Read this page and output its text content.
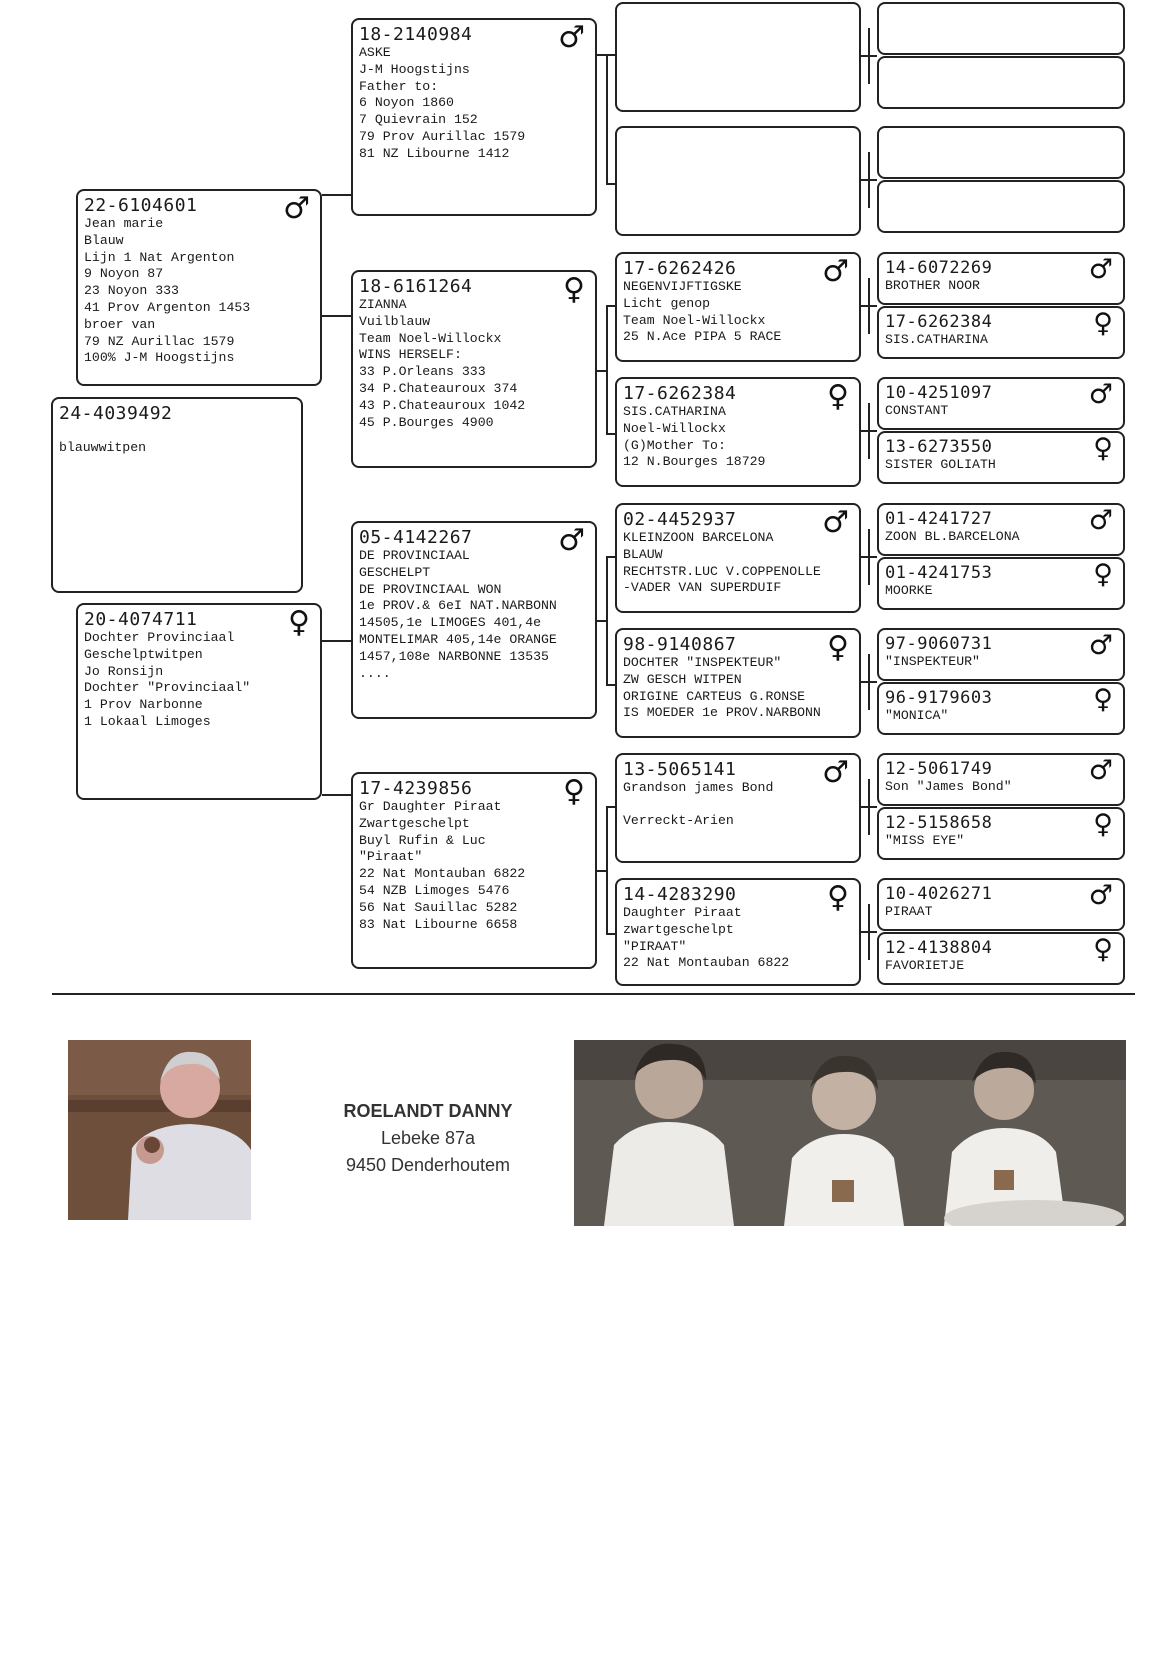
24-4039492
blauwwitpen
22-6104601	♂
Jean marie
Blauw
Lijn 1 Nat Argenton
9 Noyon 87
23 Noyon 333
41 Prov Argenton 1453
broer van
79 NZ Aurillac 1579
100% J-M Hoogstijns
20-4074711	♀
Dochter Provinciaal
Geschelptwitpen
Jo Ronsijn
Dochter "Provinciaal"
1 Prov Narbonne
1 Lokaal Limoges
18-2140984	♂
ASKE
J-M Hoogstijns
Father to:
6 Noyon 1860
7 Quievrain 152
79 Prov Aurillac 1579
81 NZ Libourne 1412
18-6161264	♀
ZIANNA
Vuilblauw
Team Noel-Willockx
WINS HERSELF:
33 P.Orleans 333
34 P.Chateauroux 374
43 P.Chateauroux 1042
45 P.Bourges 4900
05-4142267	♂
DE PROVINCIAAL
GESCHELPT
DE PROVINCIAAL WON
1e PROV.& 6eI NAT.NARBONN
14505,1e LIMOGES 401,4e
MONTELIMAR 405,14e ORANGE
1457,108e NARBONNE 13535
....
17-4239856	♀
Gr Daughter Piraat
Zwartgeschelpt
Buyl Rufin & Luc
"Piraat"
22 Nat Montauban 6822
54 NZB Limoges 5476
56 Nat Sauillac 5282
83 Nat Libourne 6658
17-6262426	♂
NEGENVIJFTIGSKE
Licht genop
Team Noel-Willockx
25 N.Ace PIPA 5 RACE
17-6262384	♀
SIS.CATHARINA
Noel-Willockx
(G)Mother To:
12 N.Bourges 18729
02-4452937	♂
KLEINZOON BARCELONA
BLAUW
RECHTSTR.LUC V.COPPENOLLE
-VADER VAN SUPERDUIF
98-9140867	♀
DOCHTER "INSPEKTEUR"
ZW GESCH WITPEN
ORIGINE CARTEUS G.RONSE
IS MOEDER 1e PROV.NARBONN
13-5065141	♂
Grandson james Bond
Verreckt-Arien
14-4283290	♀
Daughter Piraat
zwartgeschelpt
"PIRAAT"
22 Nat Montauban 6822
14-6072269	♂
BROTHER NOOR
17-6262384	♀
SIS.CATHARINA
10-4251097	♂
CONSTANT
13-6273550	♀
SISTER GOLIATH
01-4241727	♂
ZOON BL.BARCELONA
01-4241753	♀
MOORKE
97-9060731	♂
"INSPEKTEUR"
96-9179603	♀
"MONICA"
12-5061749	♂
Son "James Bond"
12-5158658	♀
"MISS EYE"
10-4026271	♂
PIRAAT
12-4138804	♀
FAVORIETJE
ROELANDT DANNY
Lebeke 87a
9450 Denderhoutem
